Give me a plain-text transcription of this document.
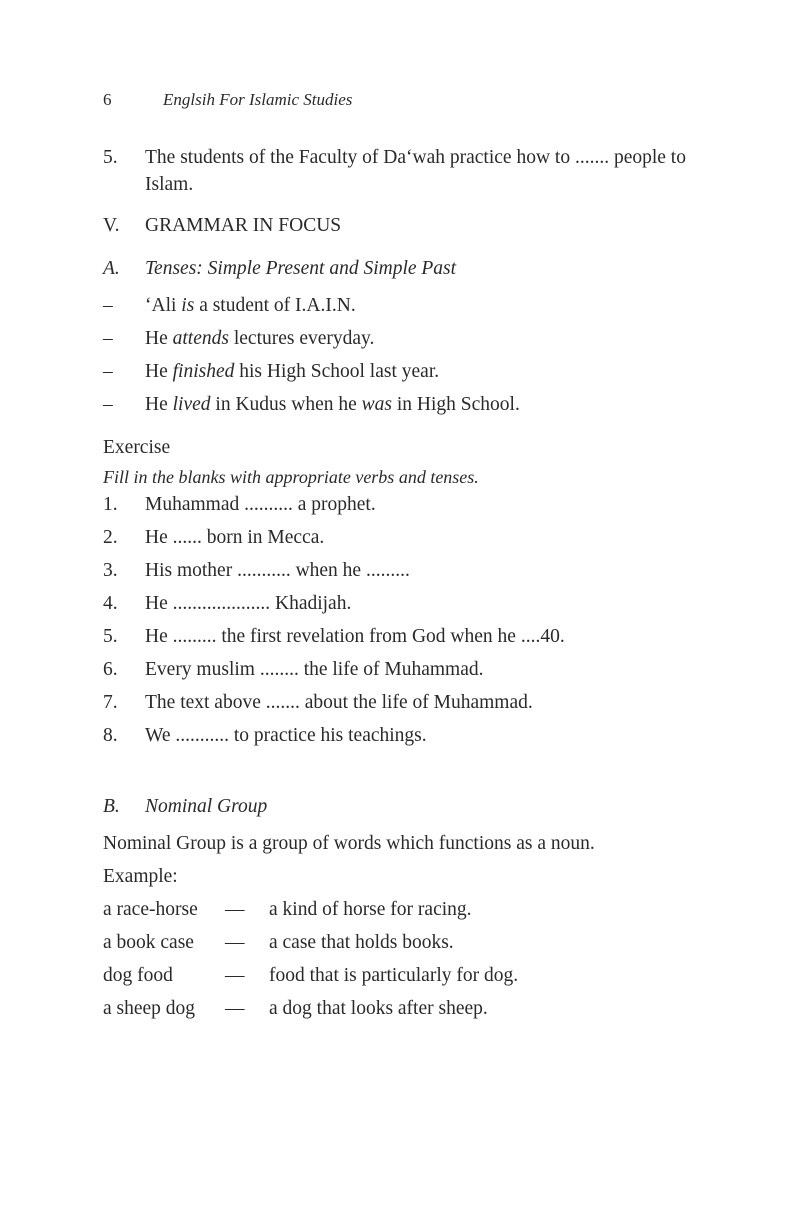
6	Englsih For Islamic Studies
5.	The students of the Faculty of Da‘wah practice how to ....... people to Islam.
V.	GRAMMAR IN FOCUS
A.	Tenses: Simple Present and Simple Past
–	‘Ali is a student of I.A.I.N.
–	He attends lectures everyday.
–	He finished his High School last year.
–	He lived in Kudus when he was in High School.
Exercise
Fill in the blanks with appropriate verbs and tenses.
1.	Muhammad .......... a prophet.
2.	He ...... born in Mecca.
3.	His mother ........... when he .........
4.	He .................... Khadijah.
5.	He ......... the first revelation from God when he ....40.
6.	Every muslim ........ the life of Muhammad.
7.	The text above ....... about the life of Muhammad.
8.	We ........... to practice his teachings.
B.	Nominal Group
Nominal Group is a group of words which functions as a noun.
Example:
a race-horse	—	a kind of horse for racing.
a book case	—	a case that holds books.
dog food	—	food that is particularly for dog.
a sheep dog	—	a dog that looks after sheep.
